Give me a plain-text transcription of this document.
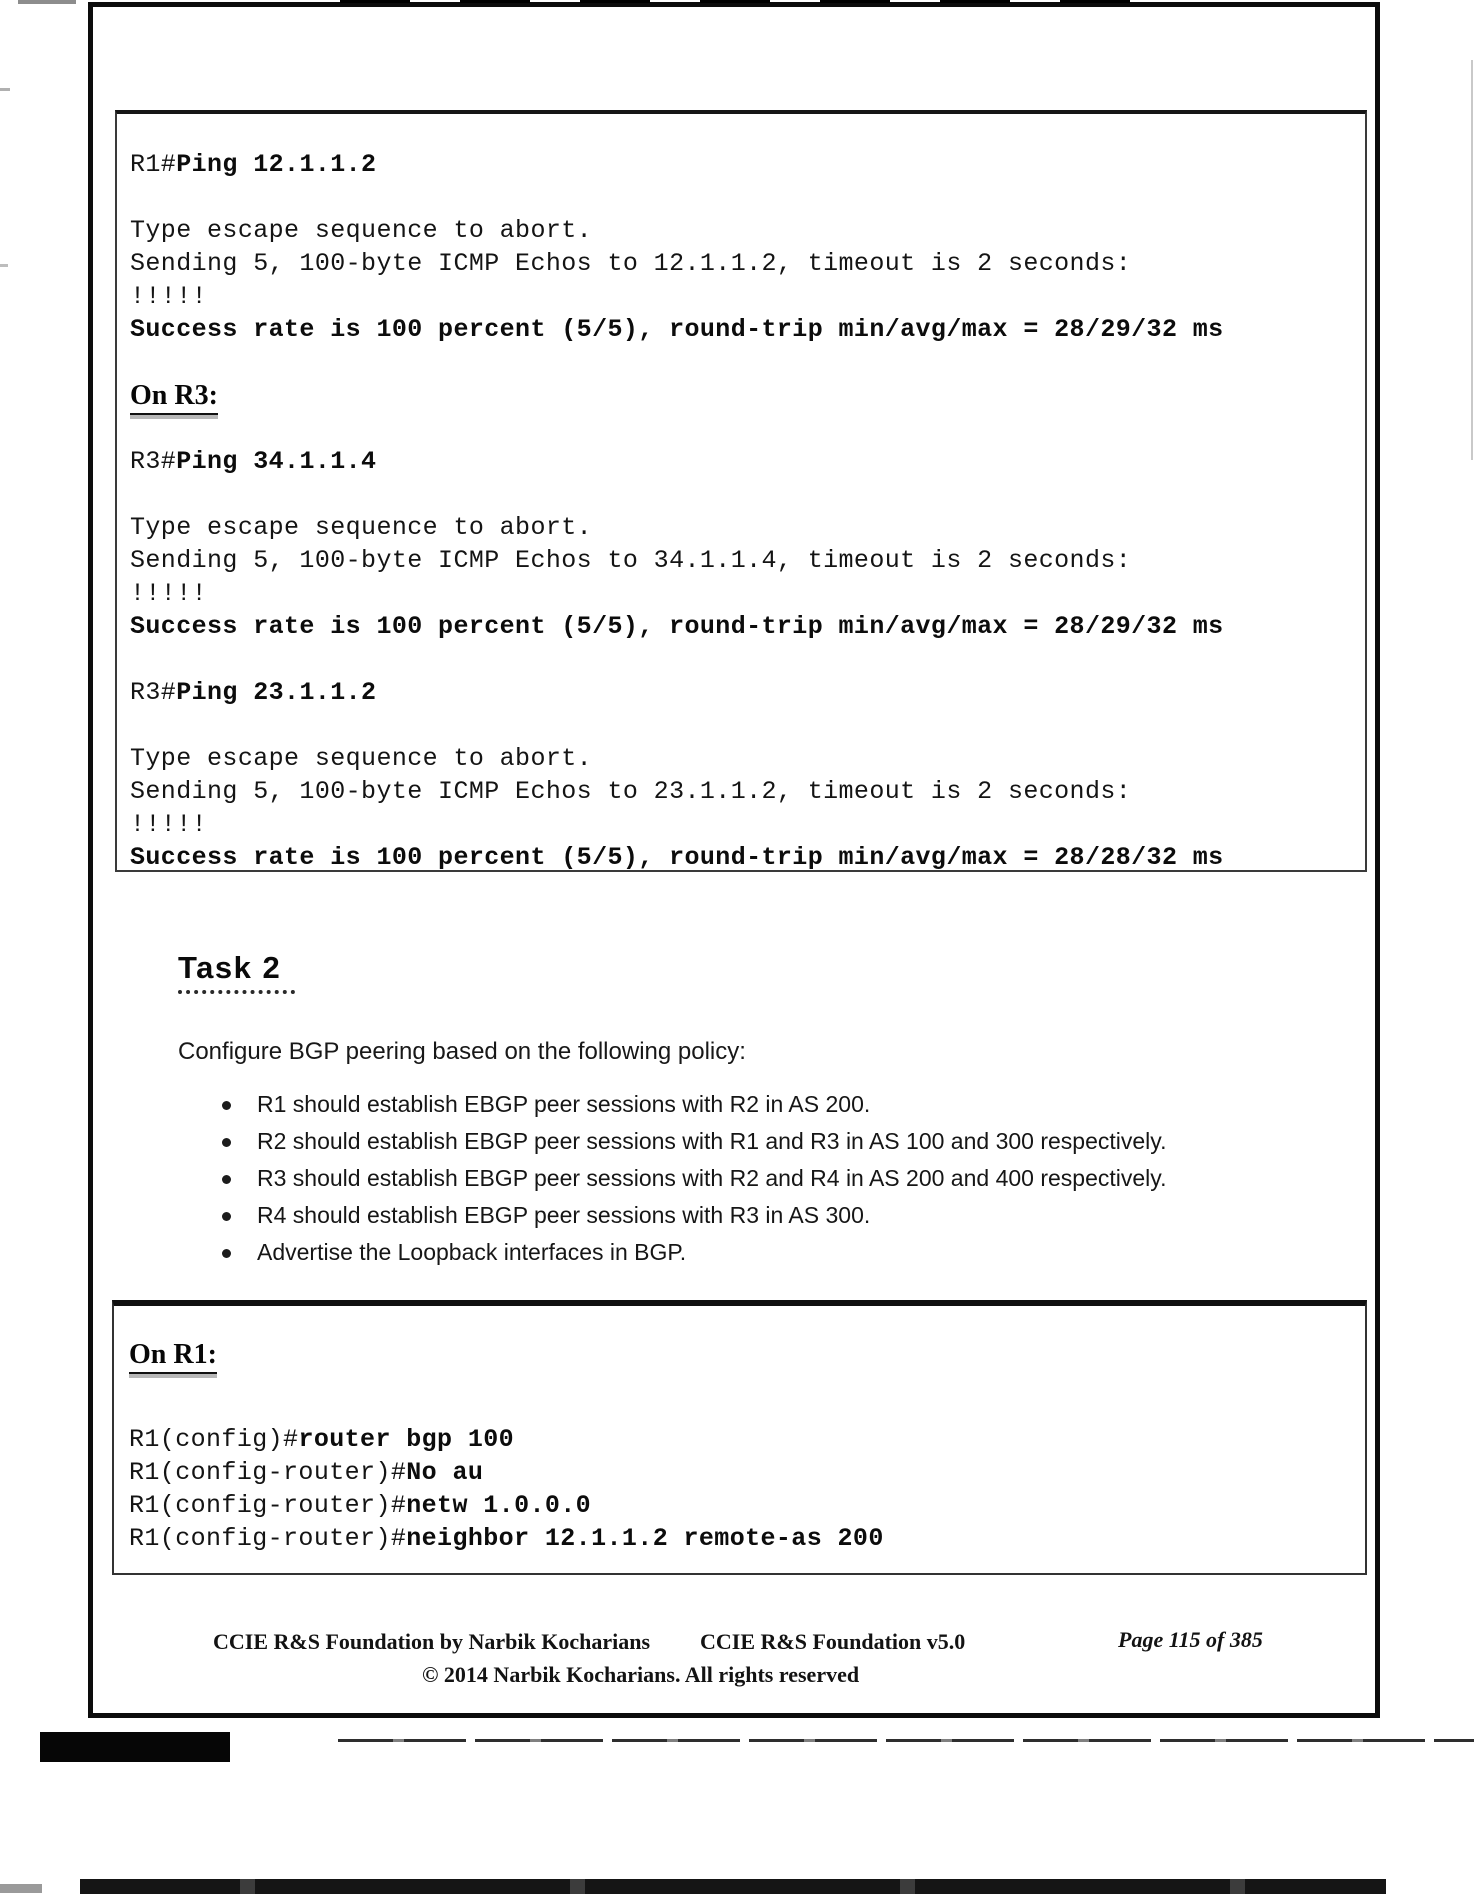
R1#Ping 12.1.1.2

Type escape sequence to abort.
Sending 5, 100-byte ICMP Echos to 12.1.1.2, timeout is 2 seconds:
!!!!!
Success rate is 100 percent (5/5), round-trip min/avg/max = 28/29/32 ms

On R3:

R3#Ping 34.1.1.4

Type escape sequence to abort.
Sending 5, 100-byte ICMP Echos to 34.1.1.4, timeout is 2 seconds:
!!!!!
Success rate is 100 percent (5/5), round-trip min/avg/max = 28/29/32 ms

R3#Ping 23.1.1.2

Type escape sequence to abort.
Sending 5, 100-byte ICMP Echos to 23.1.1.2, timeout is 2 seconds:
!!!!!
Success rate is 100 percent (5/5), round-trip min/avg/max = 28/28/32 ms
Task 2
Configure BGP peering based on the following policy:
R1 should establish EBGP peer sessions with R2 in AS 200.
R2 should establish EBGP peer sessions with R1 and R3 in AS 100 and 300 respectively.
R3 should establish EBGP peer sessions with R2 and R4 in AS 200 and 400 respectively.
R4 should establish EBGP peer sessions with R3 in AS 300.
Advertise the Loopback interfaces in BGP.
On R1:
R1(config)#router bgp 100
R1(config-router)#No au
R1(config-router)#netw 1.0.0.0
R1(config-router)#neighbor 12.1.1.2 remote-as 200
CCIE R&S Foundation by Narbik Kocharians CCIE R&S Foundation v5.0	Page 115 of 385
© 2014 Narbik Kocharians. All rights reserved
